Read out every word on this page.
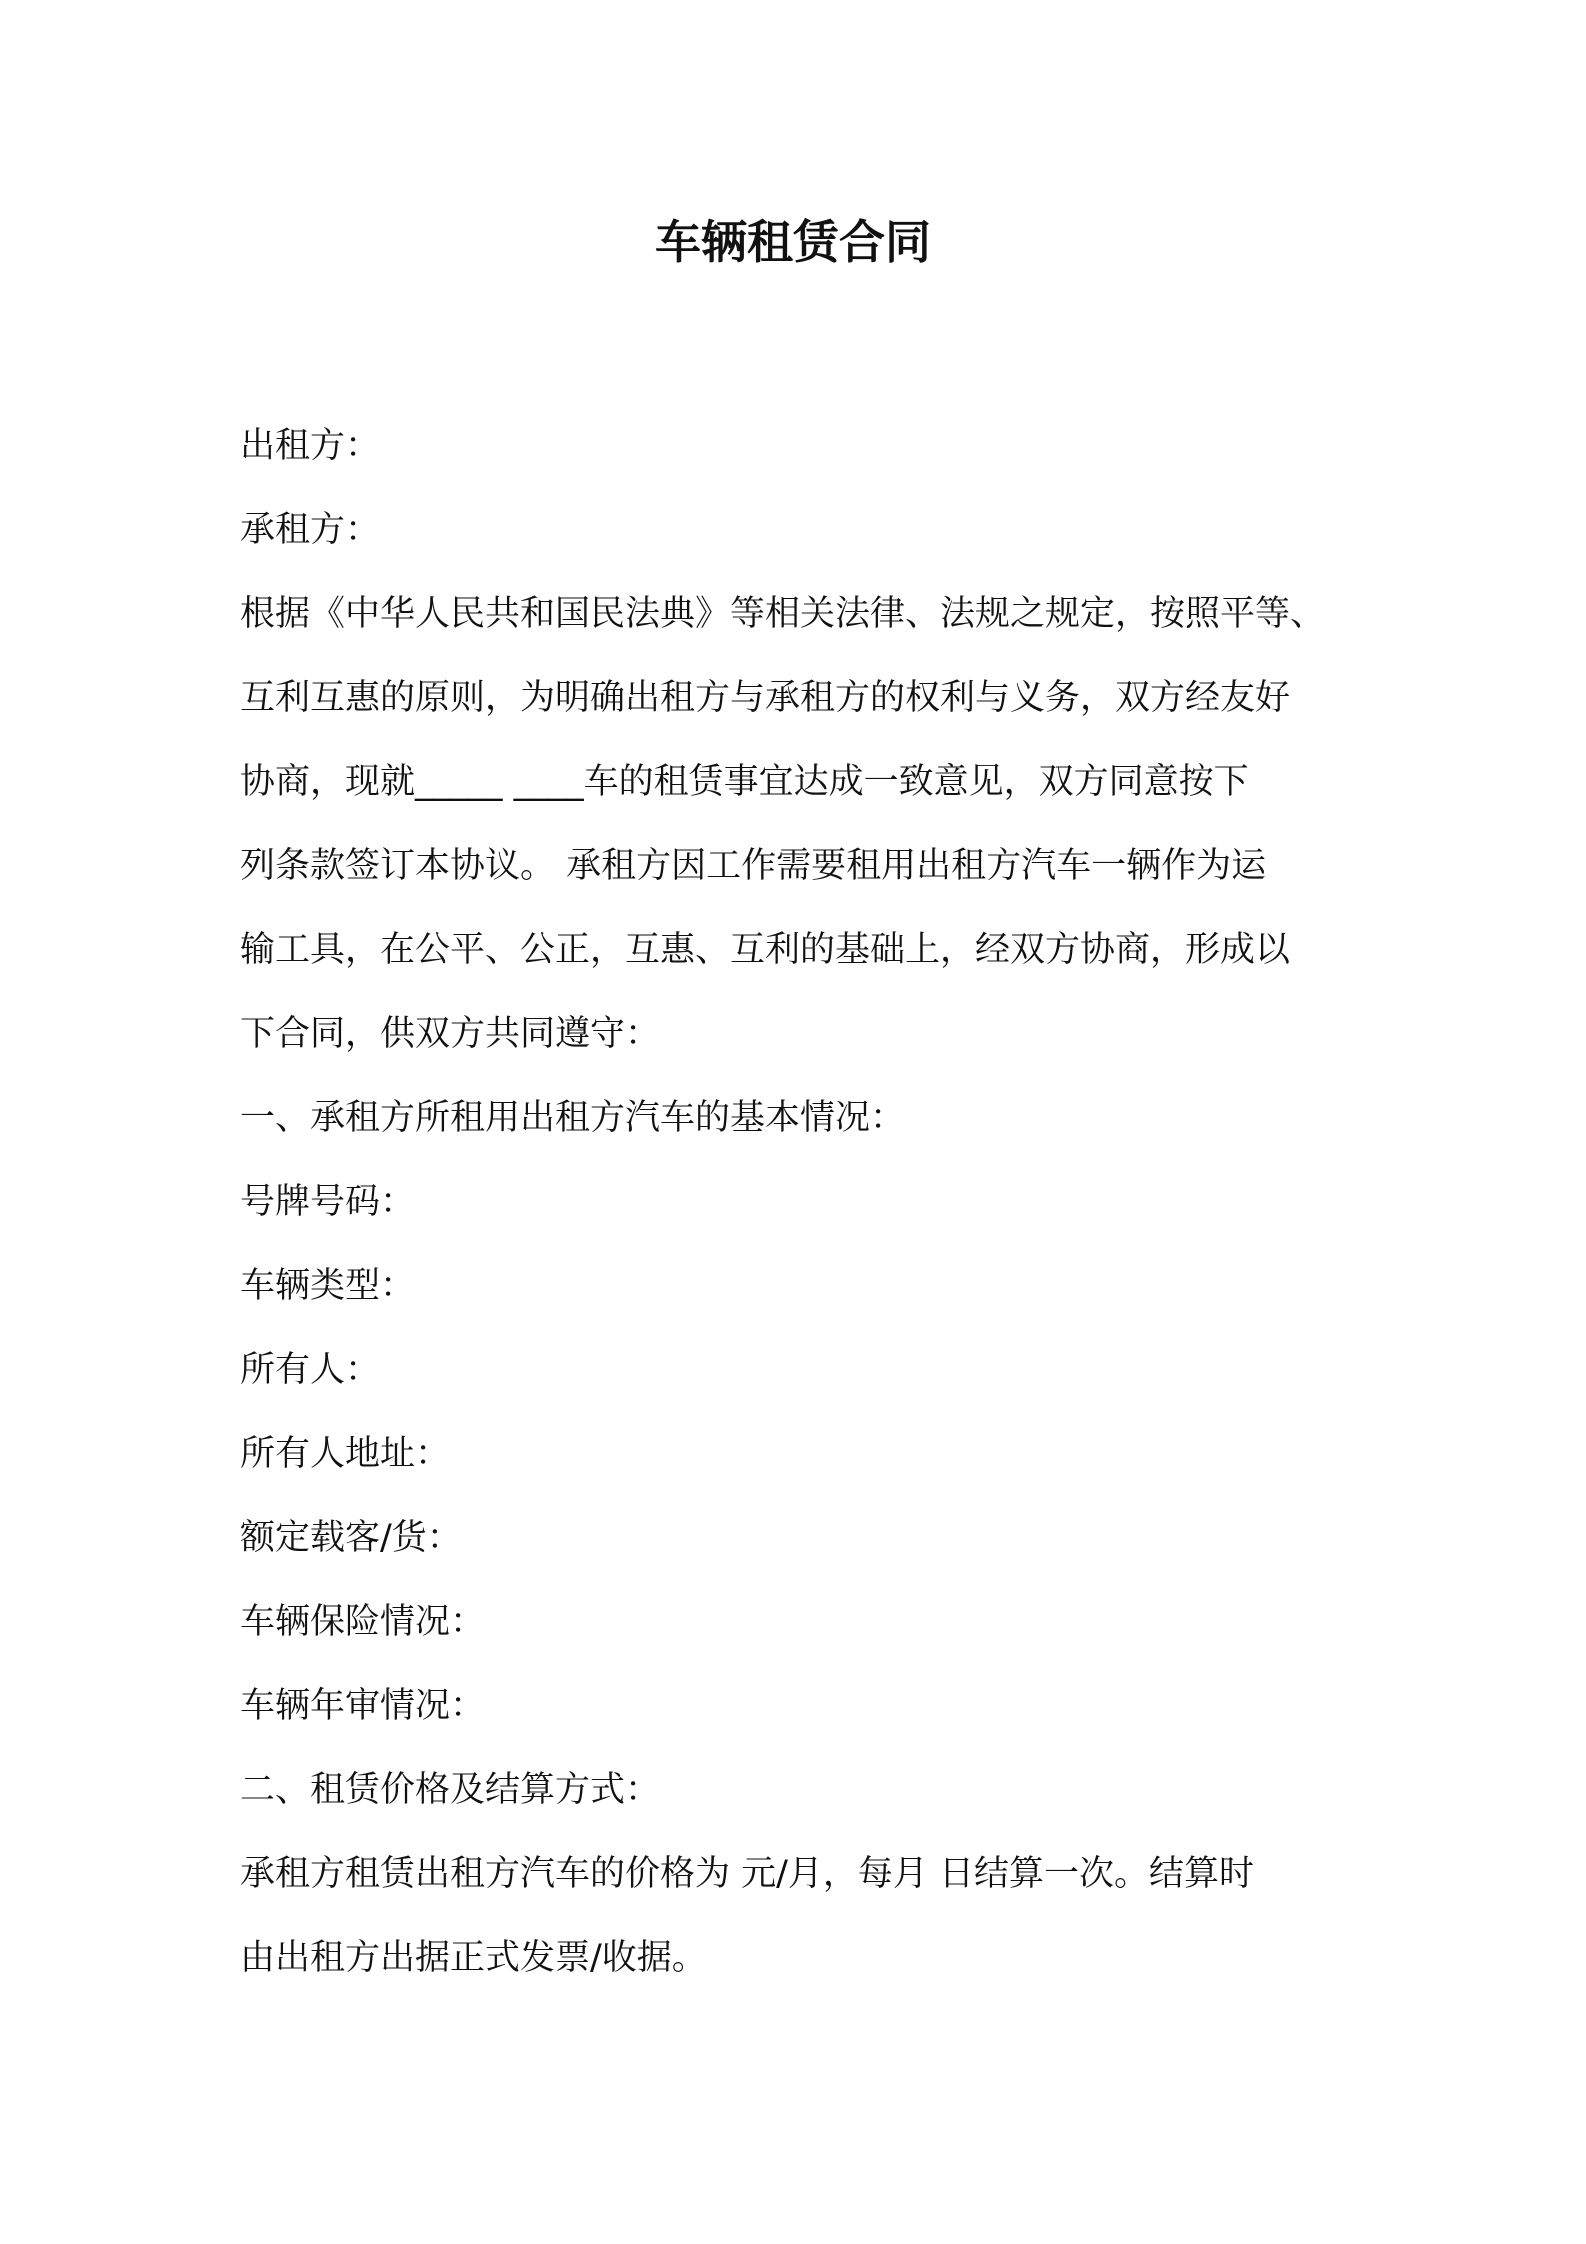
车辆租赁合同

出租方：

承租方：

根据《中华人民共和国民法典》等相关法律、法规之规定，按照平等、

互利互惠的原则，为明确出租方与承租方的权利与义务，双方经友好

协商，现就_____ ____车的租赁事宜达成一致意见，双方同意按下

列条款签订本协议。 承租方因工作需要租用出租方汽车一辆作为运

输工具，在公平、公正，互惠、互利的基础上，经双方协商，形成以

下合同，供双方共同遵守：

一、承租方所租用出租方汽车的基本情况：

号牌号码：

车辆类型：

所有人：

所有人地址：

额定载客/货：

车辆保险情况：

车辆年审情况：

二、租赁价格及结算方式：

承租方租赁出租方汽车的价格为 元/月，每月 日结算一次。结算时

由出租方出据正式发票/收据。
